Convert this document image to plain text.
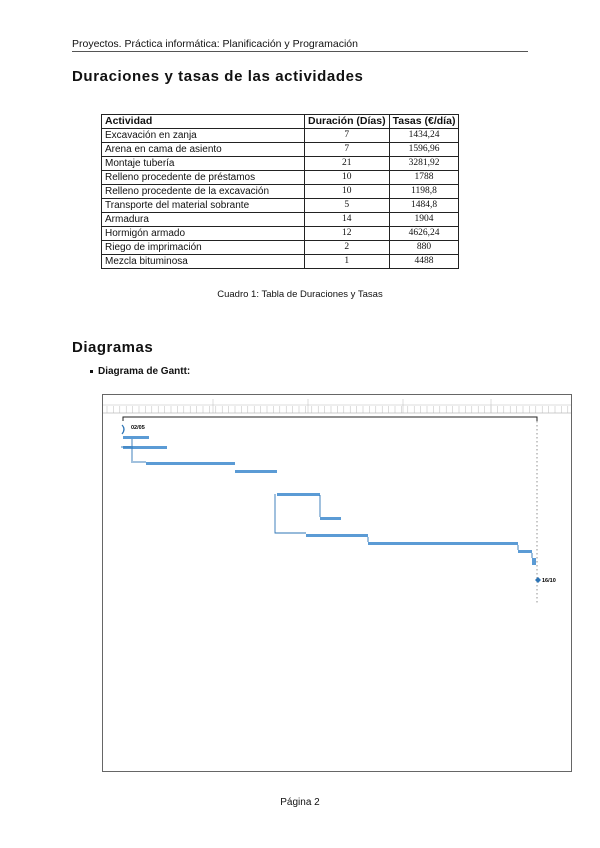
Proyectos. Práctica informática: Planificación y Programación
Duraciones y tasas de las actividades
Actividad	Duración (Días)	Tasas (€/día)
Excavación en zanja	7	1434,24
Arena en cama de asiento	7	1596,96
Montaje tubería	21	3281,92
Relleno procedente de préstamos	10	1788
Relleno procedente de la excavación	10	1198,8
Transporte del material sobrante	5	1484,8
Armadura	14	1904
Hormigón armado	12	4626,24
Riego de imprimación	2	880
Mezcla bituminosa	1	4488
Cuadro 1: Tabla de Duraciones y Tasas
Diagramas
Diagrama de Gantt:
02/05
16/10
Página 2
